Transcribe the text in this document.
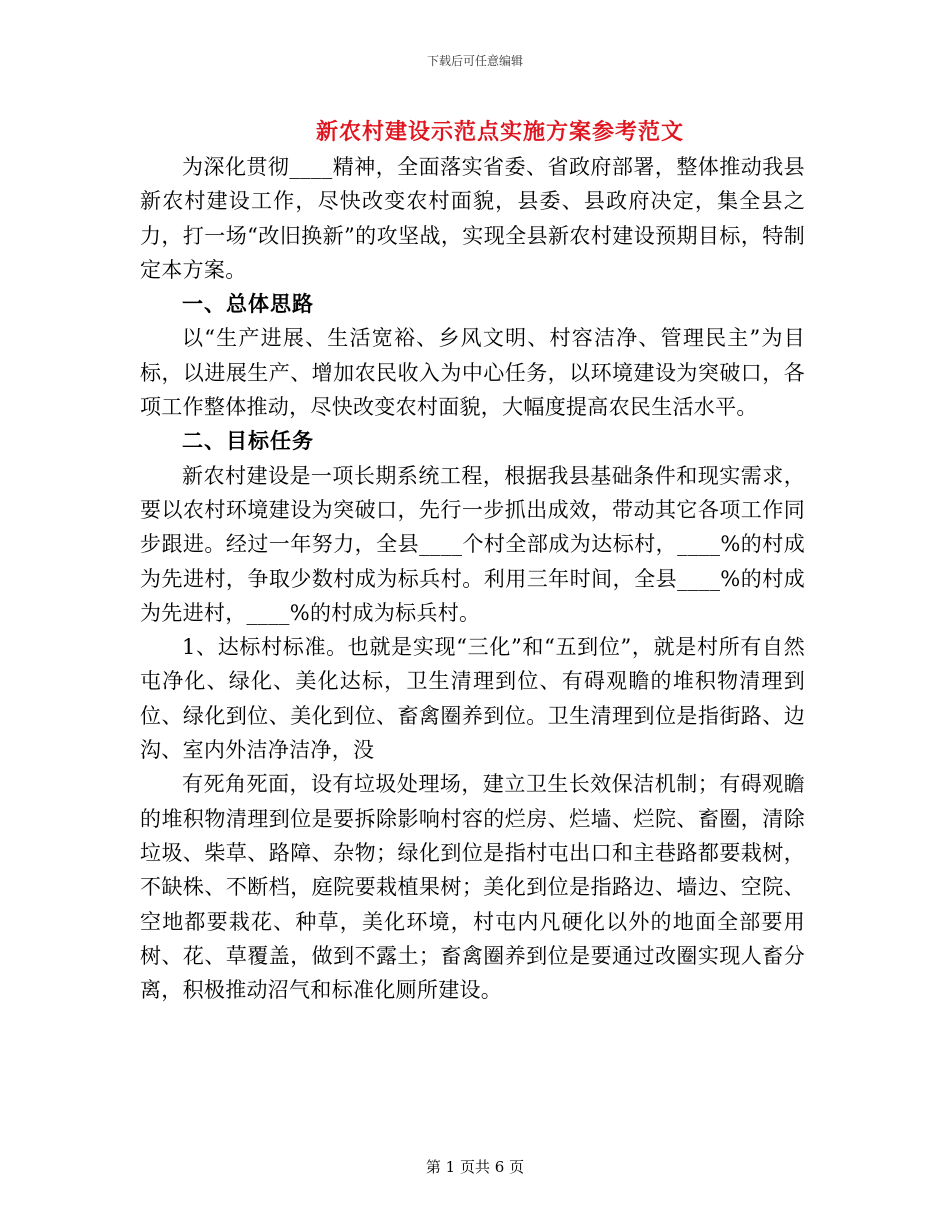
下载后可任意编辑
新农村建设示范点实施方案参考范文

为深化贯彻____精神，全面落实省委、省政府部署，整体推动我县新农村建设工作，尽快改变农村面貌，县委、县政府决定，集全县之力，打一场“改旧换新”的攻坚战，实现全县新农村建设预期目标，特制定本方案。

一、总体思路

以“生产进展、生活宽裕、乡风文明、村容洁净、管理民主”为目标，以进展生产、增加农民收入为中心任务，以环境建设为突破口，各项工作整体推动，尽快改变农村面貌，大幅度提高农民生活水平。

二、目标任务

新农村建设是一项长期系统工程，根据我县基础条件和现实需求，要以农村环境建设为突破口，先行一步抓出成效，带动其它各项工作同步跟进。经过一年努力，全县____个村全部成为达标村，____%的村成为先进村，争取少数村成为标兵村。利用三年时间，全县____%的村成为先进村，____%的村成为标兵村。

1、达标村标准。也就是实现“三化”和“五到位”，就是村所有自然屯净化、绿化、美化达标，卫生清理到位、有碍观瞻的堆积物清理到位、绿化到位、美化到位、畜禽圈养到位。卫生清理到位是指街路、边沟、室内外洁净洁净，没

有死角死面，设有垃圾处理场，建立卫生长效保洁机制；有碍观瞻的堆积物清理到位是要拆除影响村容的烂房、烂墙、烂院、畜圈，清除垃圾、柴草、路障、杂物；绿化到位是指村屯出口和主巷路都要栽树，不缺株、不断档，庭院要栽植果树；美化到位是指路边、墙边、空院、空地都要栽花、种草，美化环境，村屯内凡硬化以外的地面全部要用树、花、草覆盖，做到不露土；畜禽圈养到位是要通过改圈实现人畜分离，积极推动沼气和标准化厕所建设。

第 1 页共 6 页
